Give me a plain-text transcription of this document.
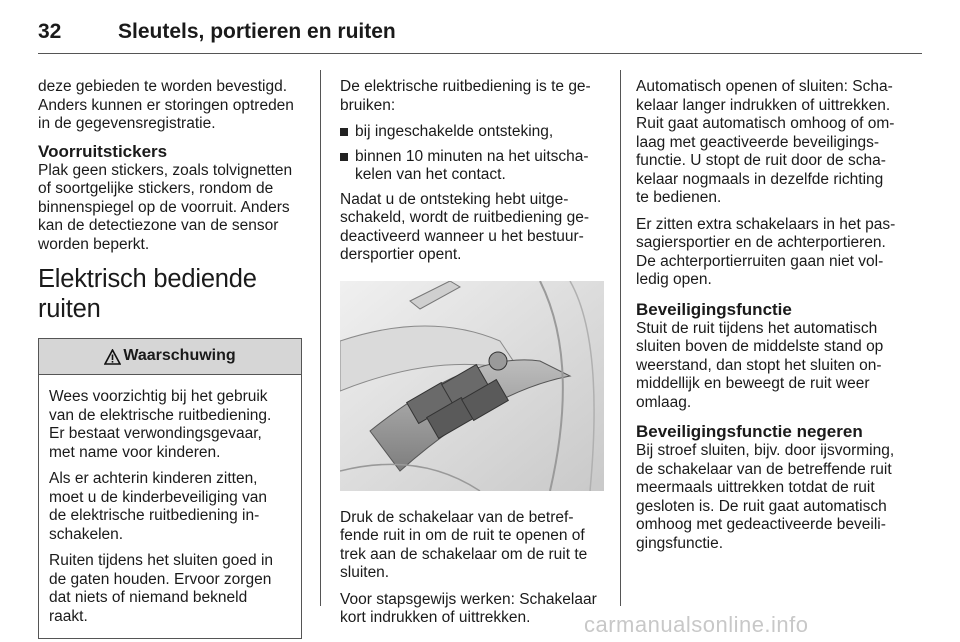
32	Sleutels, portieren en ruiten

deze gebieden te worden bevestigd.
Anders kunnen er storingen optreden
in de gegevensregistratie.

Voorruitstickers

Plak geen stickers, zoals tolvignetten
of soortgelijke stickers, rondom de
binnenspiegel op de voorruit. Anders
kan de detectiezone van de sensor
worden beperkt.

Elektrisch bediende ruiten
Waarschuwing

Wees voorzichtig bij het gebruik
van de elektrische ruitbediening.
Er bestaat verwondingsgevaar,
met name voor kinderen.

Als er achterin kinderen zitten,
moet u de kinderbeveiliging van
de elektrische ruitbediening in-
schakelen.

Ruiten tijdens het sluiten goed in
de gaten houden. Ervoor zorgen
dat niets of niemand bekneld
raakt.

De elektrische ruitbediening is te ge-
bruiken:

bij ingeschakelde ontsteking,
binnen 10 minuten na het uitscha-
kelen van het contact.

Nadat u de ontsteking hebt uitge-
schakeld, wordt de ruitbediening ge-
deactiveerd wanneer u het bestuur-
dersportier opent.

Druk de schakelaar van de betref-
fende ruit in om de ruit te openen of
trek aan de schakelaar om de ruit te
sluiten.

Voor stapsgewijs werken: Schakelaar
kort indrukken of uittrekken.

Automatisch openen of sluiten: Scha-
kelaar langer indrukken of uittrekken.
Ruit gaat automatisch omhoog of om-
laag met geactiveerde beveiligings-
functie. U stopt de ruit door de scha-
kelaar nogmaals in dezelfde richting
te bedienen.

Er zitten extra schakelaars in het pas-
sagiersportier en de achterportieren.
De achterportierruiten gaan niet vol-
ledig open.

Beveiligingsfunctie

Stuit de ruit tijdens het automatisch
sluiten boven de middelste stand op
weerstand, dan stopt het sluiten on-
middellijk en beweegt de ruit weer
omlaag.

Beveiligingsfunctie negeren

Bij stroef sluiten, bijv. door ijsvorming,
de schakelaar van de betreffende ruit
meermaals uittrekken totdat de ruit
gesloten is. De ruit gaat automatisch
omhoog met gedeactiveerde beveili-
gingsfunctie.

carmanualsonline.info
